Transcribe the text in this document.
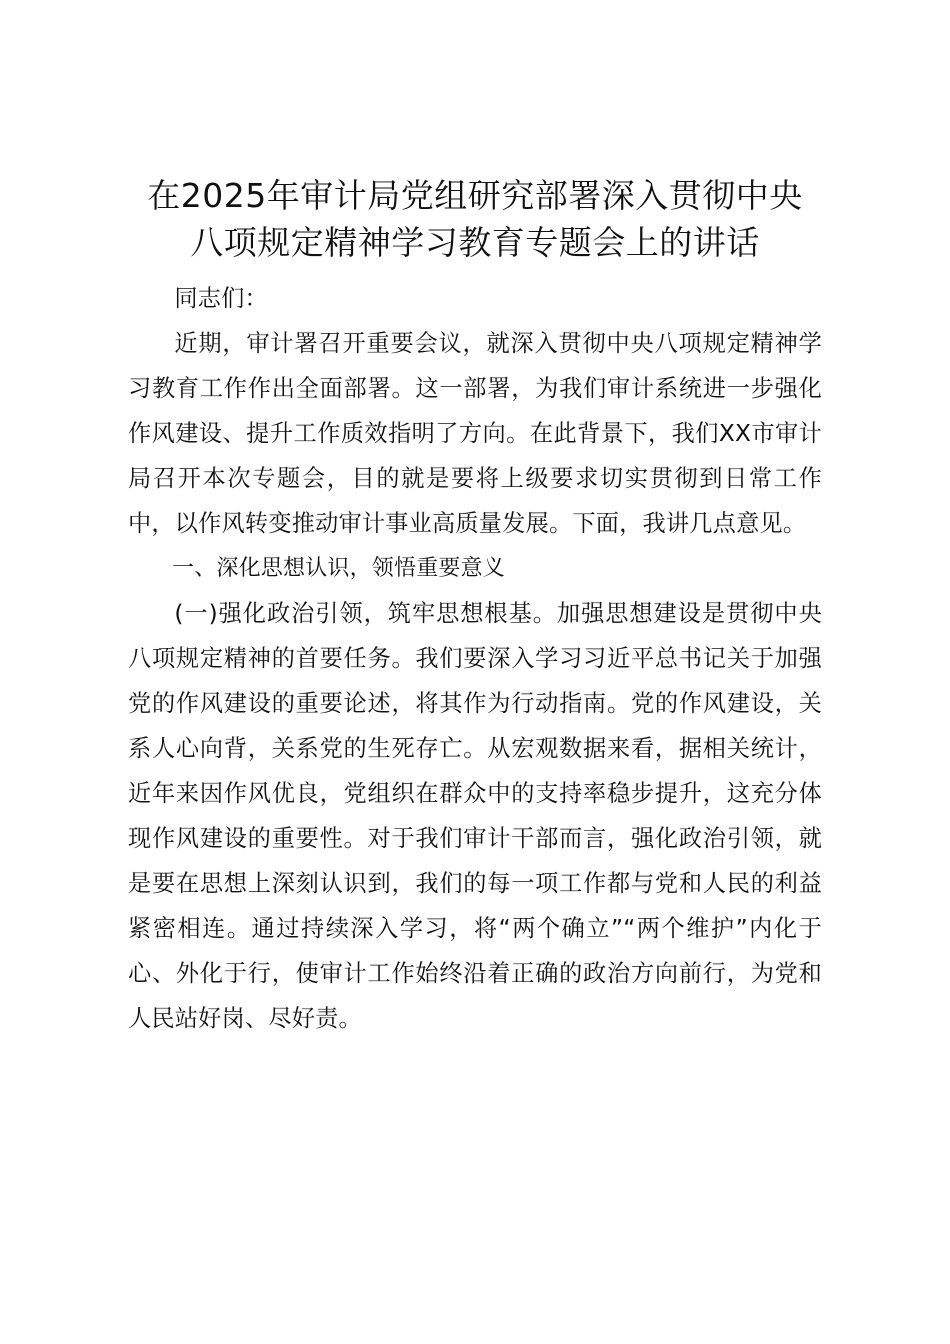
在2025年审计局党组研究部署深入贯彻中央
八项规定精神学习教育专题会上的讲话

同志们：

近期，审计署召开重要会议，就深入贯彻中央八项规定精神学习教育工作作出全面部署。这一部署，为我们审计系统进一步强化作风建设、提升工作质效指明了方向。在此背景下，我们XX市审计局召开本次专题会，目的就是要将上级要求切实贯彻到日常工作中，以作风转变推动审计事业高质量发展。下面，我讲几点意见。

一、深化思想认识，领悟重要意义

(一)强化政治引领，筑牢思想根基。加强思想建设是贯彻中央八项规定精神的首要任务。我们要深入学习习近平总书记关于加强党的作风建设的重要论述，将其作为行动指南。党的作风建设，关系人心向背，关系党的生死存亡。从宏观数据来看，据相关统计，近年来因作风优良，党组织在群众中的支持率稳步提升，这充分体现作风建设的重要性。对于我们审计干部而言，强化政治引领，就是要在思想上深刻认识到，我们的每一项工作都与党和人民的利益紧密相连。通过持续深入学习，将“两个确立”“两个维护”内化于心、外化于行，使审计工作始终沿着正确的政治方向前行，为党和人民站好岗、尽好责。
